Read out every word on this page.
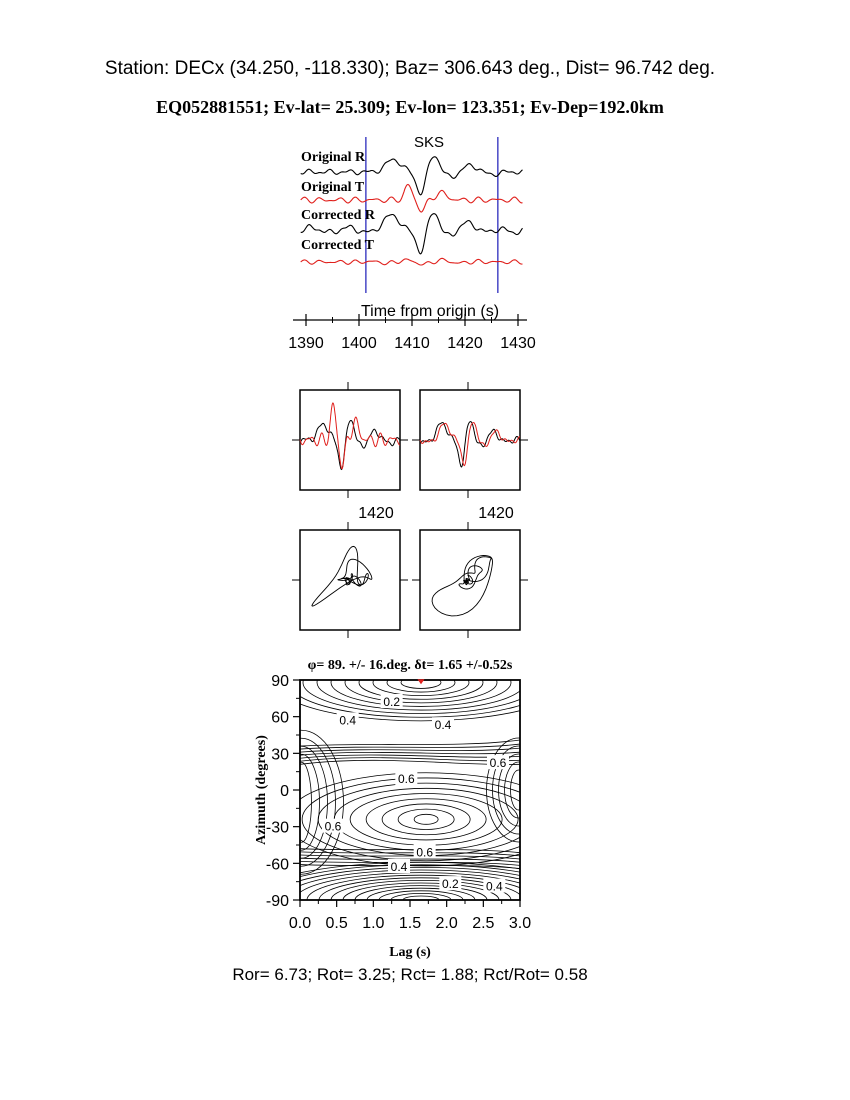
Station: DECx (34.250, -118.330); Baz= 306.643 deg., Dist= 96.742 deg.
EQ052881551; Ev-lat= 25.309; Ev-lon= 123.351; Ev-Dep=192.0km
Original R
Original T
Corrected R
Corrected T
SKS
1390 1400 1410 1420 1430
Time from origin (s)
1420	1420
0.2
0.4	0.4
0.6
0.6
0.6
0.6
0.4
0.2 0.4
0.0 0.5 1.0 1.5 2.0 2.5 3.0
90
60
30
0
-30
-60
-90
φ= 89. +/- 16.deg. δt= 1.65 +/-0.52s
Lag (s)
Azimuth (degrees)
Ror= 6.73; Rot= 3.25; Rct= 1.88; Rct/Rot= 0.58
